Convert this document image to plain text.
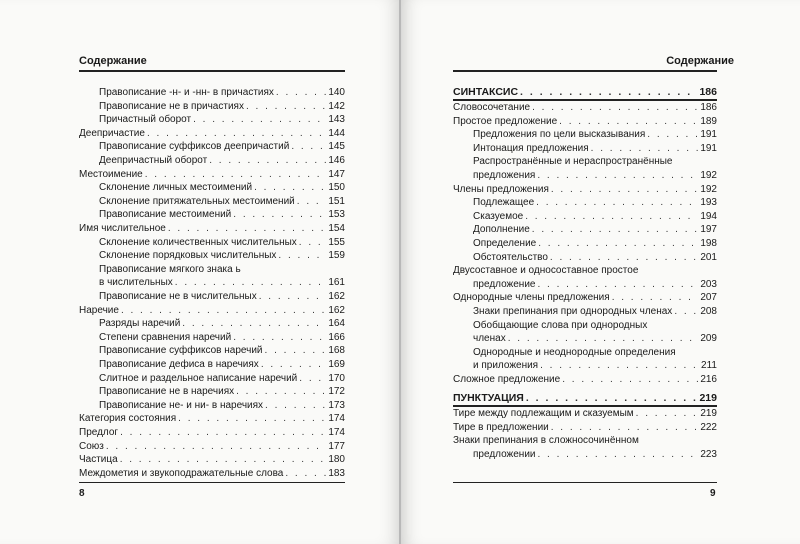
Содержание
Правописание -н- и -нн- в причастиях . . .	140
Правописание не в причастиях . . .	142
Причастный оборот . . .	143
Деепричастие . . .	144
Правописание суффиксов деепричастий . . .	145
Деепричастный оборот . . .	146
Местоимение . . .	147
Склонение личных местоимений . . .	150
Склонение притяжательных местоимений . . .	151
Правописание местоимений . . .	153
Имя числительное . . .	154
Склонение количественных числительных . . .	155
Склонение порядковых числительных . . .	159
Правописание мягкого знака ь
в числительных . . .	161
Правописание не в числительных . . .	162
Наречие . . .	162
Разряды наречий . . .	164
Степени сравнения наречий . . .	166
Правописание суффиксов наречий . . .	168
Правописание дефиса в наречиях . . .	169
Слитное и раздельное написание наречий . . .	170
Правописание не в наречиях . . .	172
Правописание не- и ни- в наречиях . . .	173
Категория состояния . . .	174
Предлог . . .	174
Союз . . .	177
Частица . . .	180
Междометия и звукоподражательные слова . . .	183
8
Содержание
СИНТАКСИС . . .	186
Словосочетание . . .	186
Простое предложение . . .	189
Предложения по цели высказывания . . .	191
Интонация предложения . . .	191
Распространённые и нераспространённые
предложения . . .	192
Члены предложения . . .	192
Подлежащее . . .	193
Сказуемое . . .	194
Дополнение . . .	197
Определение . . .	198
Обстоятельство . . .	201
Двусоставное и односоставное простое
предложение . . .	203
Однородные члены предложения . . .	207
Знаки препинания при однородных членах . . .	208
Обобщающие слова при однородных
членах . . .	209
Однородные и неоднородные определения
и приложения . . .	211
Сложное предложение . . .	216
ПУНКТУАЦИЯ . . .	219
Тире между подлежащим и сказуемым . . .	219
Тире в предложении . . .	222
Знаки препинания в сложносочинённом
предложении . . .	223
9
